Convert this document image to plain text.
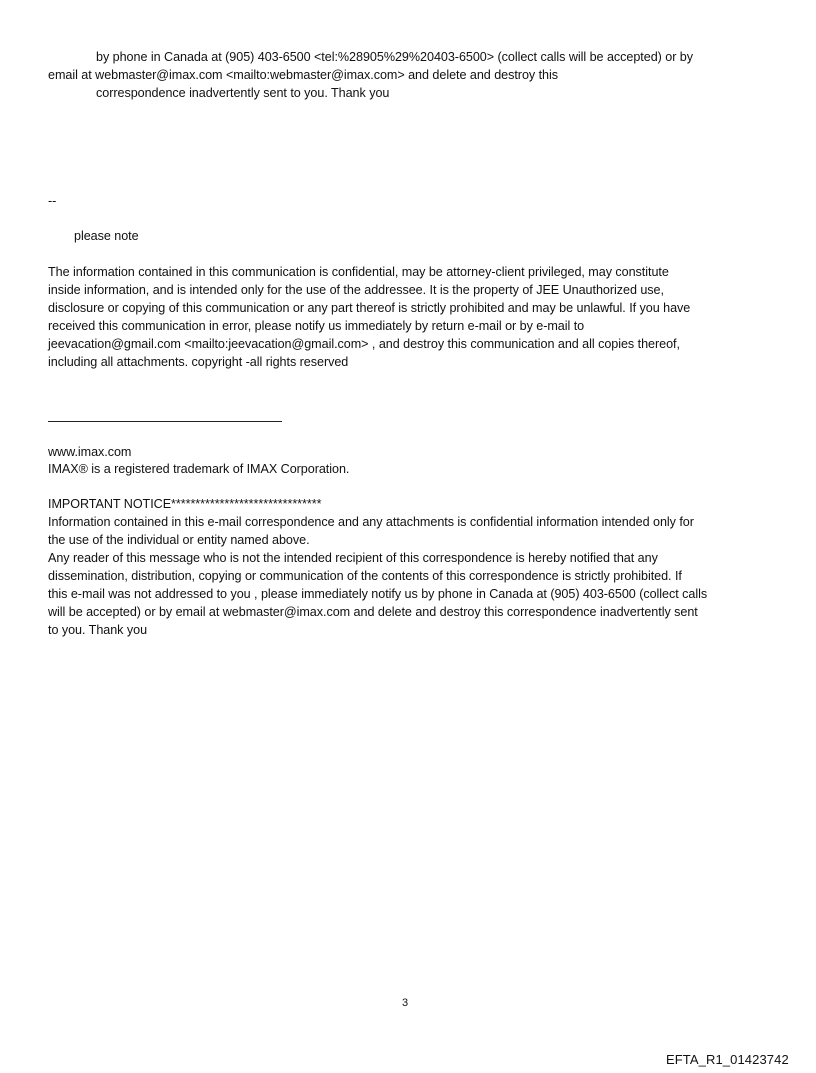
by phone in Canada at (905) 403-6500 <tel:%28905%29%20403-6500> (collect calls will be accepted) or by
email at webmaster@imax.com <mailto:webmaster@imax.com> and delete and destroy this
correspondence inadvertently sent to you. Thank you
--
please note
The information contained in this communication is confidential, may be attorney-client privileged, may constitute
inside information, and is intended only for the use of the addressee. It is the property of JEE Unauthorized use,
disclosure or copying of this communication or any part thereof is strictly prohibited and may be unlawful. If you have
received this communication in error, please notify us immediately by return e-mail or by e-mail to
jeevacation@gmail.com <mailto:jeevacation@gmail.com> , and destroy this communication and all copies thereof,
including all attachments. copyright -all rights reserved
www.imax.com
IMAX® is a registered trademark of IMAX Corporation.
IMPORTANT NOTICE*******************************
Information contained in this e-mail correspondence and any attachments is confidential information intended only for
the use of the individual or entity named above.
Any reader of this message who is not the intended recipient of this correspondence is hereby notified that any
dissemination, distribution, copying or communication of the contents of this correspondence is strictly prohibited. If
this e-mail was not addressed to you , please immediately notify us by phone in Canada at (905) 403-6500 (collect calls
will be accepted) or by email at webmaster@imax.com and delete and destroy this correspondence inadvertently sent
to you. Thank you
3
EFTA_R1_01423742
